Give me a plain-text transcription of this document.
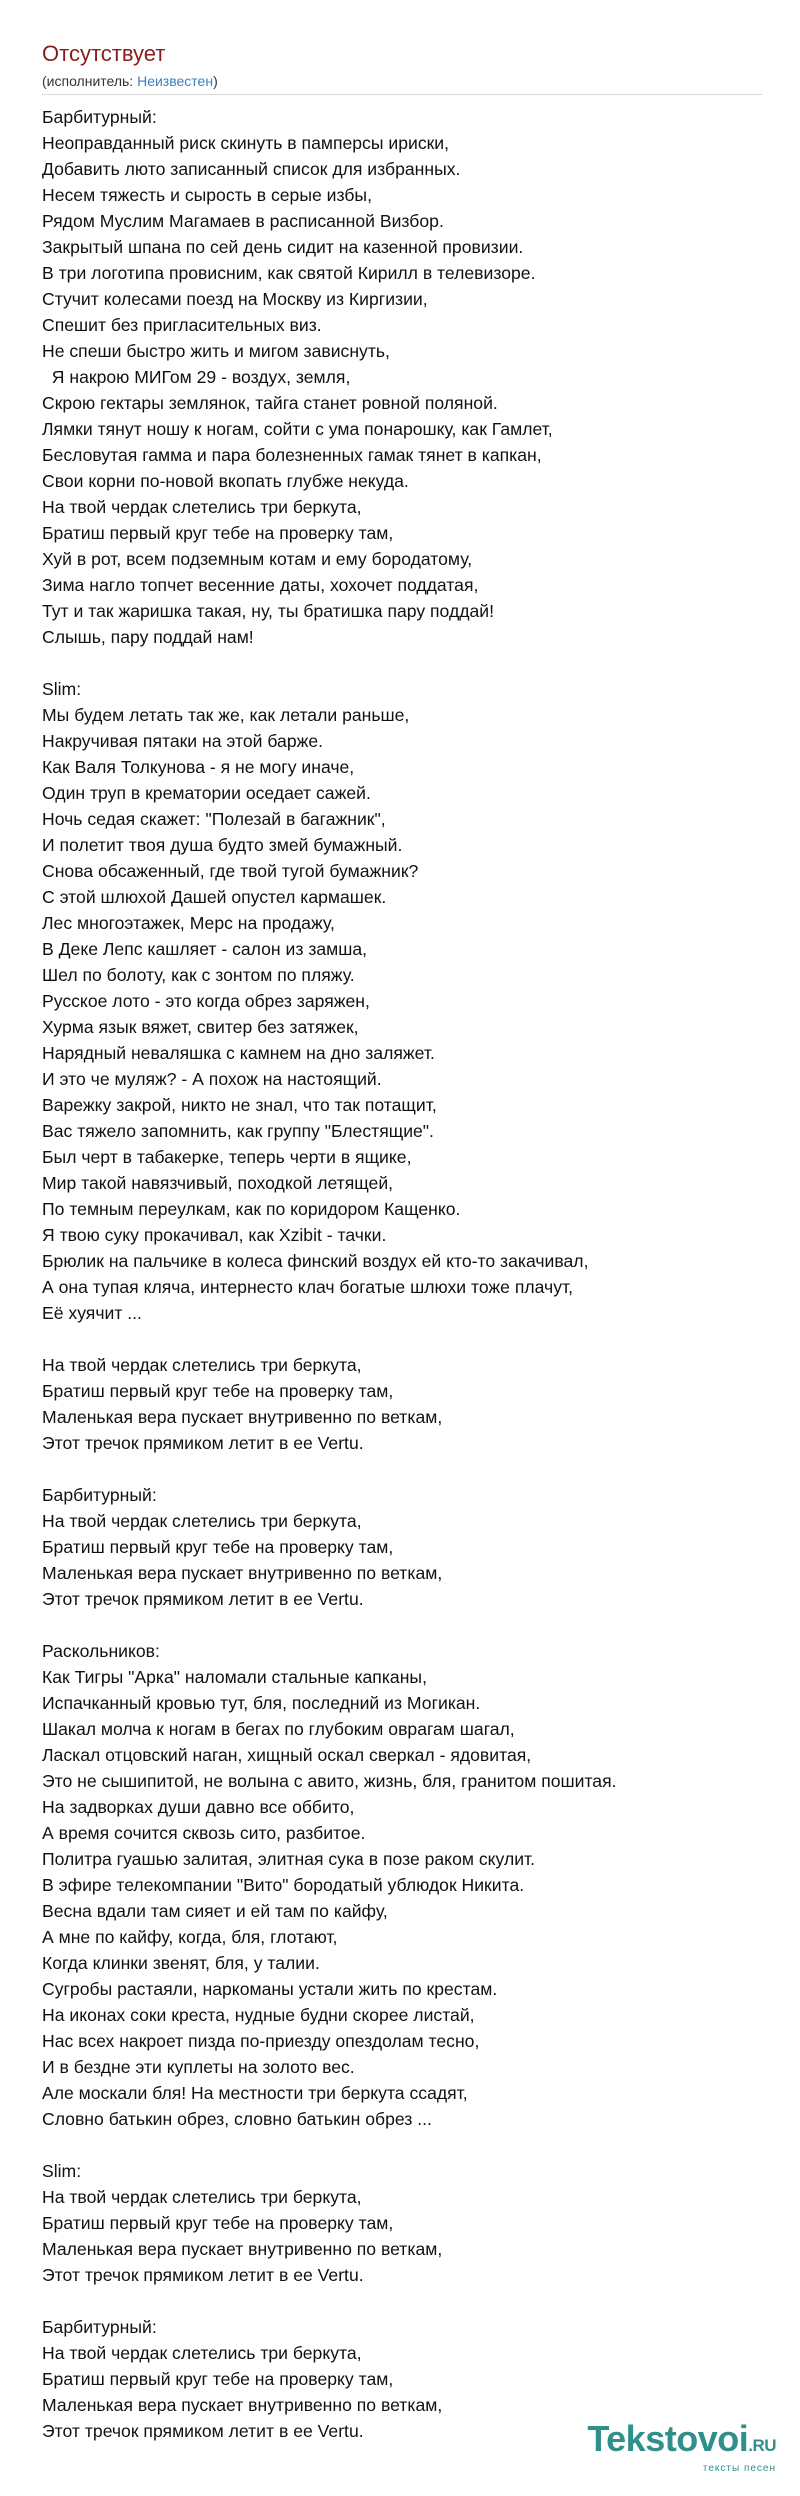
Отсутствует
(исполнитель: Неизвестен)
Барбитурный:
Неоправданный риск скинуть в памперсы ириски,
Добавить люто записанный список для избранных.
Несем тяжесть и сырость в серые избы,
Рядом Муслим Магамаев в расписанной Визбор.
Закрытый шпана по сей день сидит на казенной провизии.
В три логотипа провисним, как святой Кирилл в телевизоре.
Стучит колесами поезд на Москву из Киргизии,
Спешит без пригласительных виз.
Не спеши быстро жить и мигом зависнуть,
Я накрою МИГом 29 - воздух, земля,
Скрою гектары землянок, тайга станет ровной поляной.
Лямки тянут ношу к ногам, сойти с ума понарошку, как Гамлет,
Бесловутая гамма и пара болезненных гамак тянет в капкан,
Свои корни по-новой вкопать глубже некуда.
На твой чердак слетелись три беркута,
Братиш первый круг тебе на проверку там,
Хуй в рот, всем подземным котам и ему бородатому,
Зима нагло топчет весенние даты, хохочет поддатая,
Тут и так жаришка такая, ну, ты братишка пару поддай!
Слышь, пару поддай нам!
Slim:
Мы будем летать так же, как летали раньше,
Накручивая пятаки на этой барже.
Как Валя Толкунова - я не могу иначе,
Один труп в крематории оседает сажей.
Ночь седая скажет: "Полезай в багажник",
И полетит твоя душа будто змей бумажный.
Снова обсаженный, где твой тугой бумажник?
С этой шлюхой Дашей опустел кармашек.
Лес многоэтажек, Мерс на продажу,
В Деке Лепс кашляет - салон из замша,
Шел по болоту, как с зонтом по пляжу.
Русское лото - это когда обрез заряжен,
Хурма язык вяжет, свитер без затяжек,
Нарядный неваляшка с камнем на дно заляжет.
И это че муляж? - А похож на настоящий.
Варежку закрой, никто не знал, что так потащит,
Вас тяжело запомнить, как группу "Блестящие".
Был черт в табакерке, теперь черти в ящике,
Мир такой навязчивый, походкой летящей,
По темным переулкам, как по коридором Кащенко.
Я твою суку прокачивал, как Xzibit - тачки.
Брюлик на пальчике в колеса финский воздух ей кто-то закачивал,
А она тупая кляча, интернесто клач богатые шлюхи тоже плачут,
Её хуячит ...
На твой чердак слетелись три беркута,
Братиш первый круг тебе на проверку там,
Маленькая вера пускает внутривенно по веткам,
Этот тречок прямиком летит в ее Vertu.
Барбитурный:
На твой чердак слетелись три беркута,
Братиш первый круг тебе на проверку там,
Маленькая вера пускает внутривенно по веткам,
Этот тречок прямиком летит в ее Vertu.
Раскольников:
Как Тигры "Арка" наломали стальные капканы,
Испачканный кровью тут, бля, последний из Могикан.
Шакал молча к ногам в бегах по глубоким оврагам шагал,
Ласкал отцовский наган, хищный оскал сверкал - ядовитая,
Это не сышипитой, не волына с авито, жизнь, бля, гранитом пошитая.
На задворках души давно все оббито,
А время сочится сквозь сито, разбитое.
Политра гуашью залитая, элитная сука в позе раком скулит.
В эфире телекомпании "Вито" бородатый ублюдок Никита.
Весна вдали там сияет и ей там по кайфу,
А мне по кайфу, когда, бля, глотают,
Когда клинки звенят, бля, у талии.
Сугробы растаяли, наркоманы устали жить по крестам.
На иконах соки креста, нудные будни скорее листай,
Нас всех накроет пизда по-приезду опездолам тесно,
И в бездне эти куплеты на золото вес.
Але москали бля! На местности три беркута ссадят,
Словно батькин обрез, словно батькин обрез ...
Slim:
На твой чердак слетелись три беркута,
Братиш первый круг тебе на проверку там,
Маленькая вера пускает внутривенно по веткам,
Этот тречок прямиком летит в ее Vertu.
Барбитурный:
На твой чердак слетелись три беркута,
Братиш первый круг тебе на проверку там,
Маленькая вера пускает внутривенно по веткам,
Этот тречок прямиком летит в ее Vertu.	Tekstovoi.RU
тексты песен
